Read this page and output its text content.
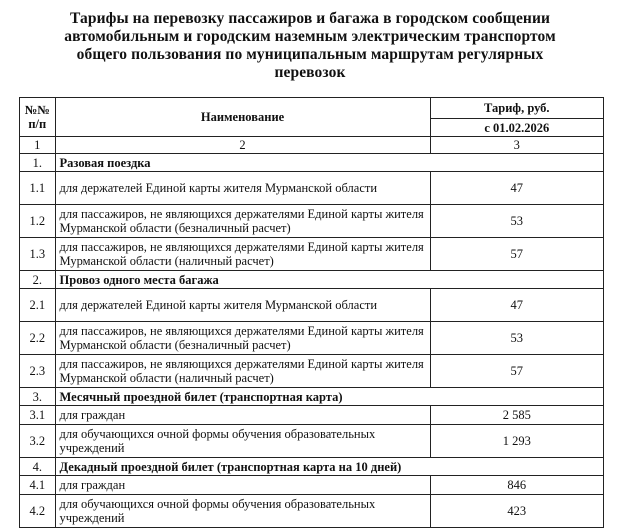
Тарифы на перевозку пассажиров и багажа в городском сообщении
автомобильным и городским наземным электрическим транспортом
общего пользования по муниципальным маршрутам регулярных
перевозок
№№
п/п	Наименование	Тариф, руб.
		с 01.02.2026
1	2	3
1.	Разовая поездка	
1.1	для держателей Единой карты жителя Мурманской области	47
1.2	для пассажиров, не являющихся держателями Единой карты жителя Мурманской области (безналичный расчет)	53
1.3	для пассажиров, не являющихся держателями Единой карты жителя Мурманской области (наличный расчет)	57
2.	Провоз одного места багажа	
2.1	для держателей Единой карты жителя Мурманской области	47
2.2	для пассажиров, не являющихся держателями Единой карты жителя Мурманской области (безналичный расчет)	53
2.3	для пассажиров, не являющихся держателями Единой карты жителя Мурманской области (наличный расчет)	57
3.	Месячный проездной билет (транспортная карта)	
3.1	для граждан	2 585
3.2	для обучающихся очной формы обучения образовательных учреждений	1 293
4.	Декадный проездной билет (транспортная карта на 10 дней)	
4.1	для граждан	846
4.2	для обучающихся очной формы обучения образовательных учреждений	423
